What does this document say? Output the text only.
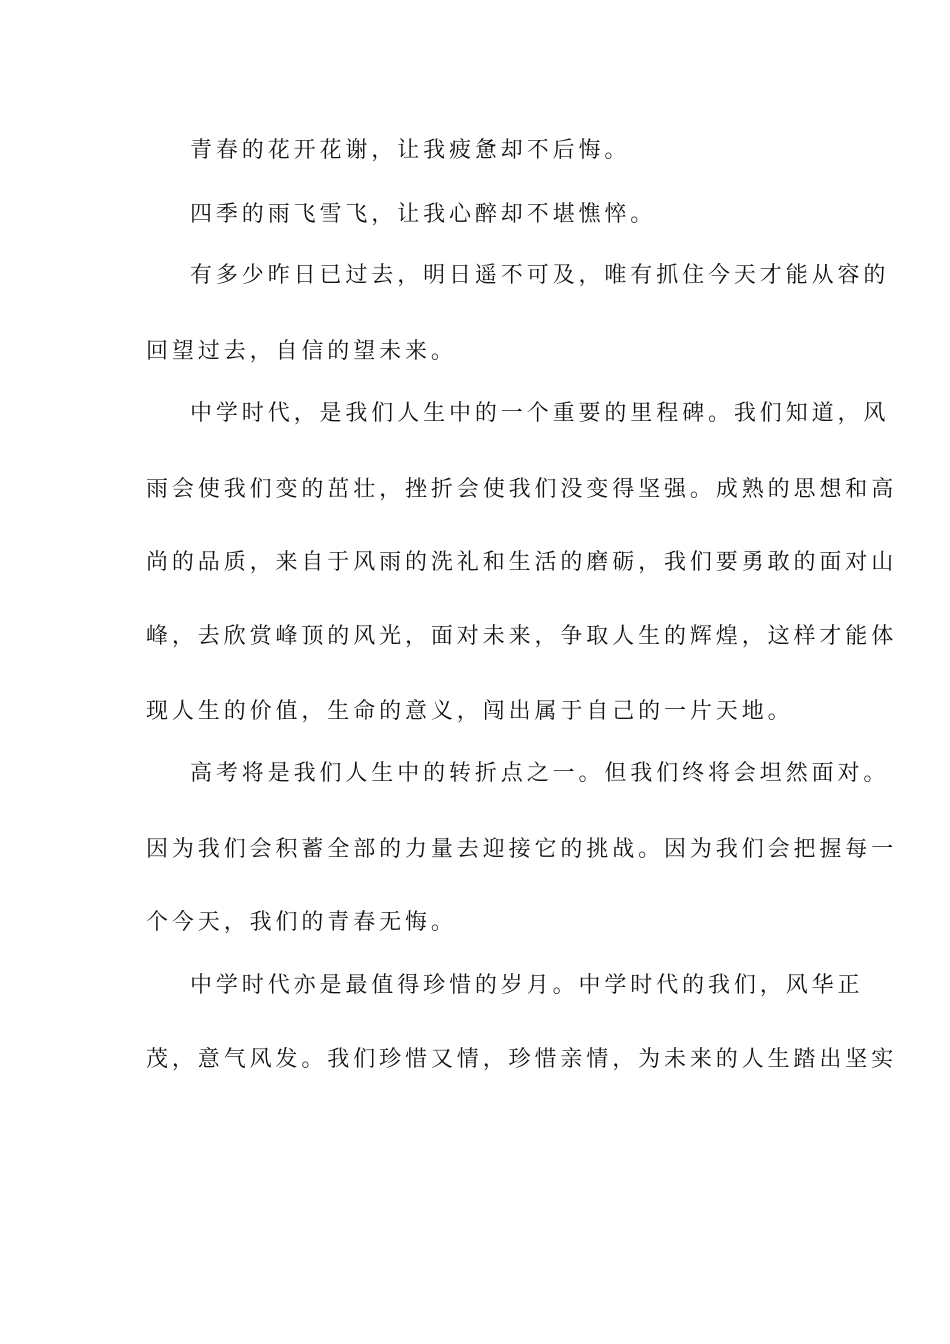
青春的花开花谢，让我疲惫却不后悔。
四季的雨飞雪飞，让我心醉却不堪憔悴。
有多少昨日已过去，明日遥不可及，唯有抓住今天才能从容的
回望过去，自信的望未来。
中学时代，是我们人生中的一个重要的里程碑。我们知道，风
雨会使我们变的茁壮，挫折会使我们没变得坚强。成熟的思想和高
尚的品质，来自于风雨的洗礼和生活的磨砺，我们要勇敢的面对山
峰，去欣赏峰顶的风光，面对未来，争取人生的辉煌，这样才能体
现人生的价值，生命的意义，闯出属于自己的一片天地。
高考将是我们人生中的转折点之一。但我们终将会坦然面对。
因为我们会积蓄全部的力量去迎接它的挑战。因为我们会把握每一
个今天，我们的青春无悔。
中学时代亦是最值得珍惜的岁月。中学时代的我们，风华正
茂，意气风发。我们珍惜又情，珍惜亲情，为未来的人生踏出坚实
